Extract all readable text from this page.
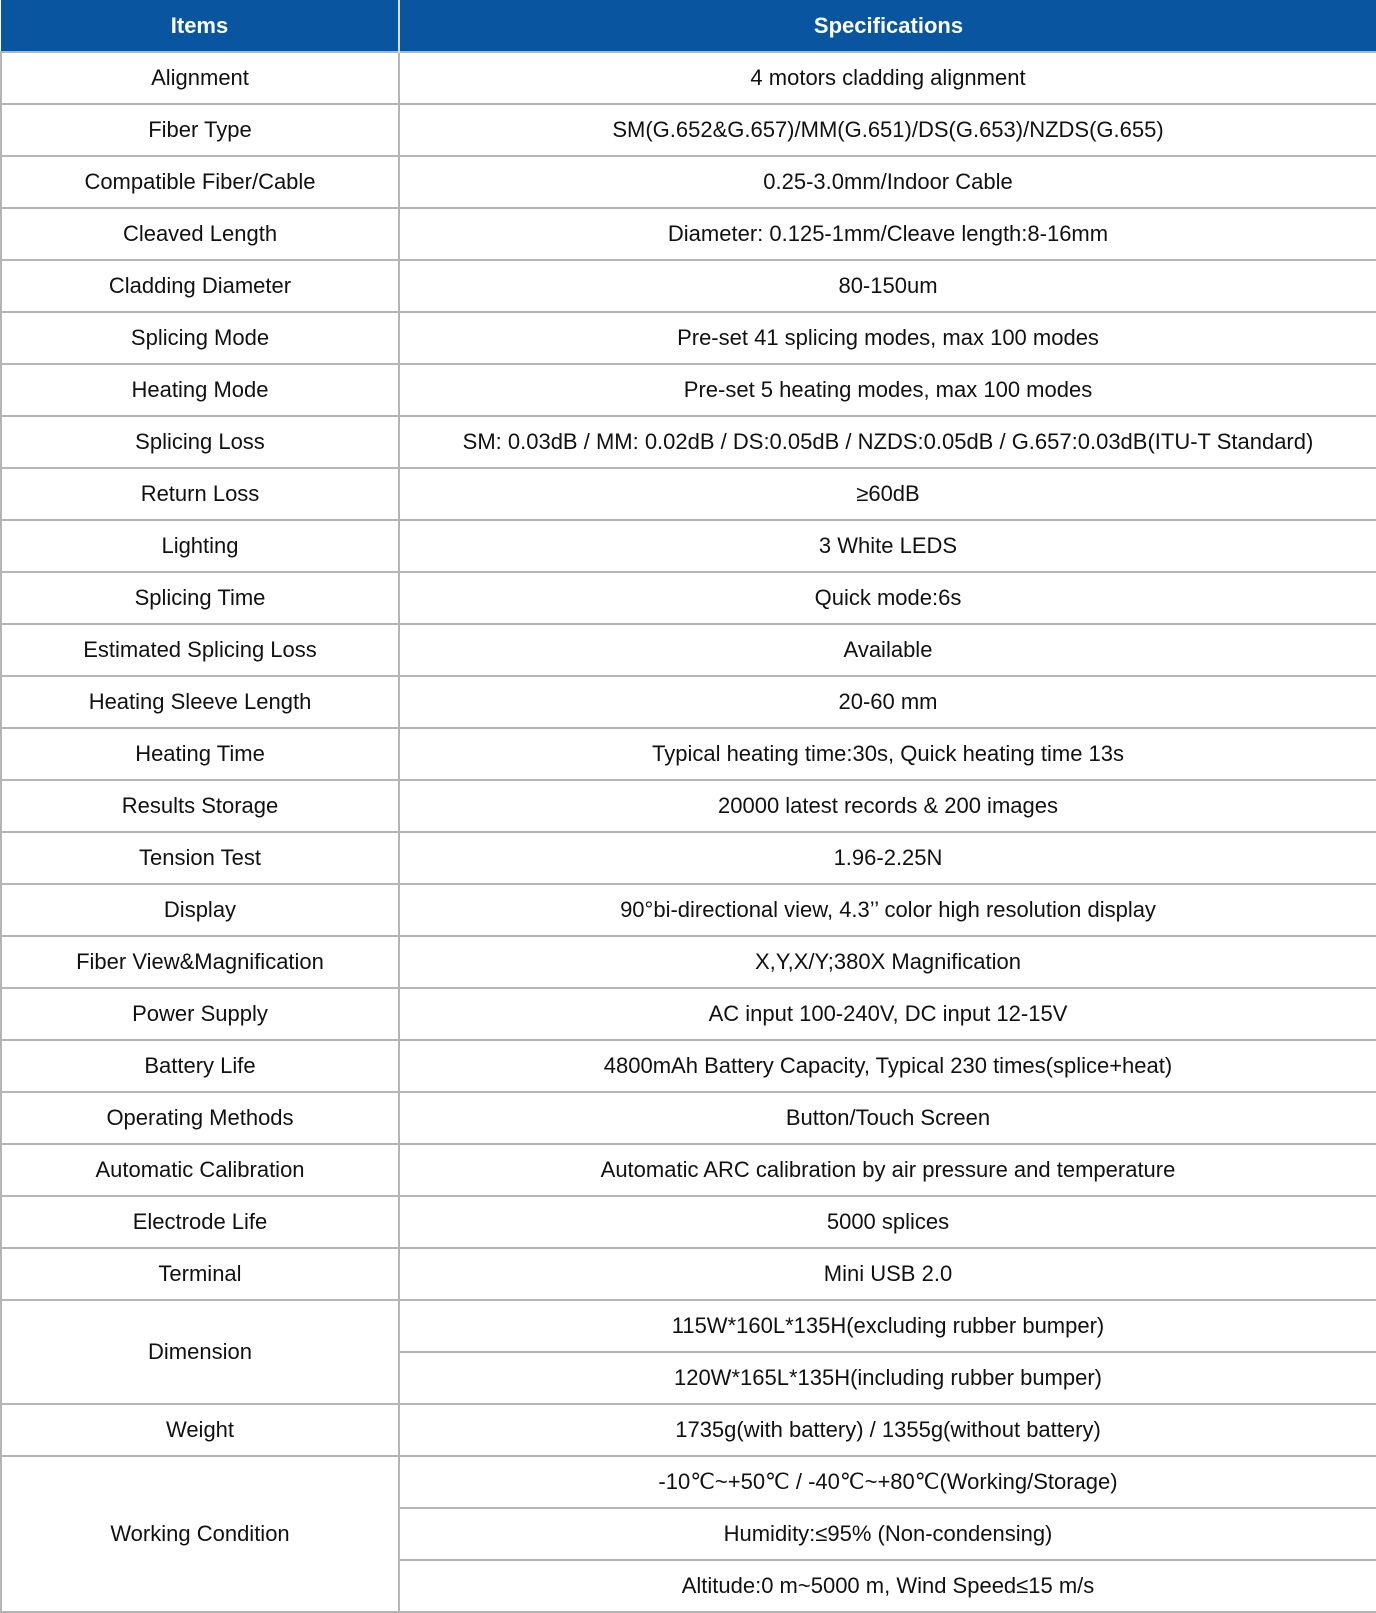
Items	Specifications
Alignment	4 motors cladding alignment
Fiber Type	SM(G.652&G.657)/MM(G.651)/DS(G.653)/NZDS(G.655)
Compatible Fiber/Cable	0.25-3.0mm/Indoor Cable
Cleaved Length	Diameter: 0.125-1mm/Cleave length:8-16mm
Cladding Diameter	80-150um
Splicing Mode	Pre-set 41 splicing modes, max 100 modes
Heating Mode	Pre-set 5 heating modes, max 100 modes
Splicing Loss	SM: 0.03dB / MM: 0.02dB / DS:0.05dB / NZDS:0.05dB / G.657:0.03dB(ITU-T Standard)
Return Loss	≥60dB
Lighting	3 White LEDS
Splicing Time	Quick mode:6s
Estimated Splicing Loss	Available
Heating Sleeve Length	20-60 mm
Heating Time	Typical heating time:30s, Quick heating time 13s
Results Storage	20000 latest records & 200 images
Tension Test	1.96-2.25N
Display	90°bi-directional view, 4.3’’ color high resolution display
Fiber View&Magnification	X,Y,X/Y;380X Magnification
Power Supply	AC input 100-240V, DC input 12-15V
Battery Life	4800mAh Battery Capacity, Typical 230 times(splice+heat)
Operating Methods	Button/Touch Screen
Automatic Calibration	Automatic ARC calibration by air pressure and temperature
Electrode Life	5000 splices
Terminal	Mini USB 2.0
Dimension	115W*160L*135H(excluding rubber bumper)
	120W*165L*135H(including rubber bumper)
Weight	1735g(with battery) / 1355g(without battery)
Working Condition	-10℃~+50℃ / -40℃~+80℃(Working/Storage)
	Humidity:≤95% (Non-condensing)
	Altitude:0 m~5000 m, Wind Speed≤15 m/s
